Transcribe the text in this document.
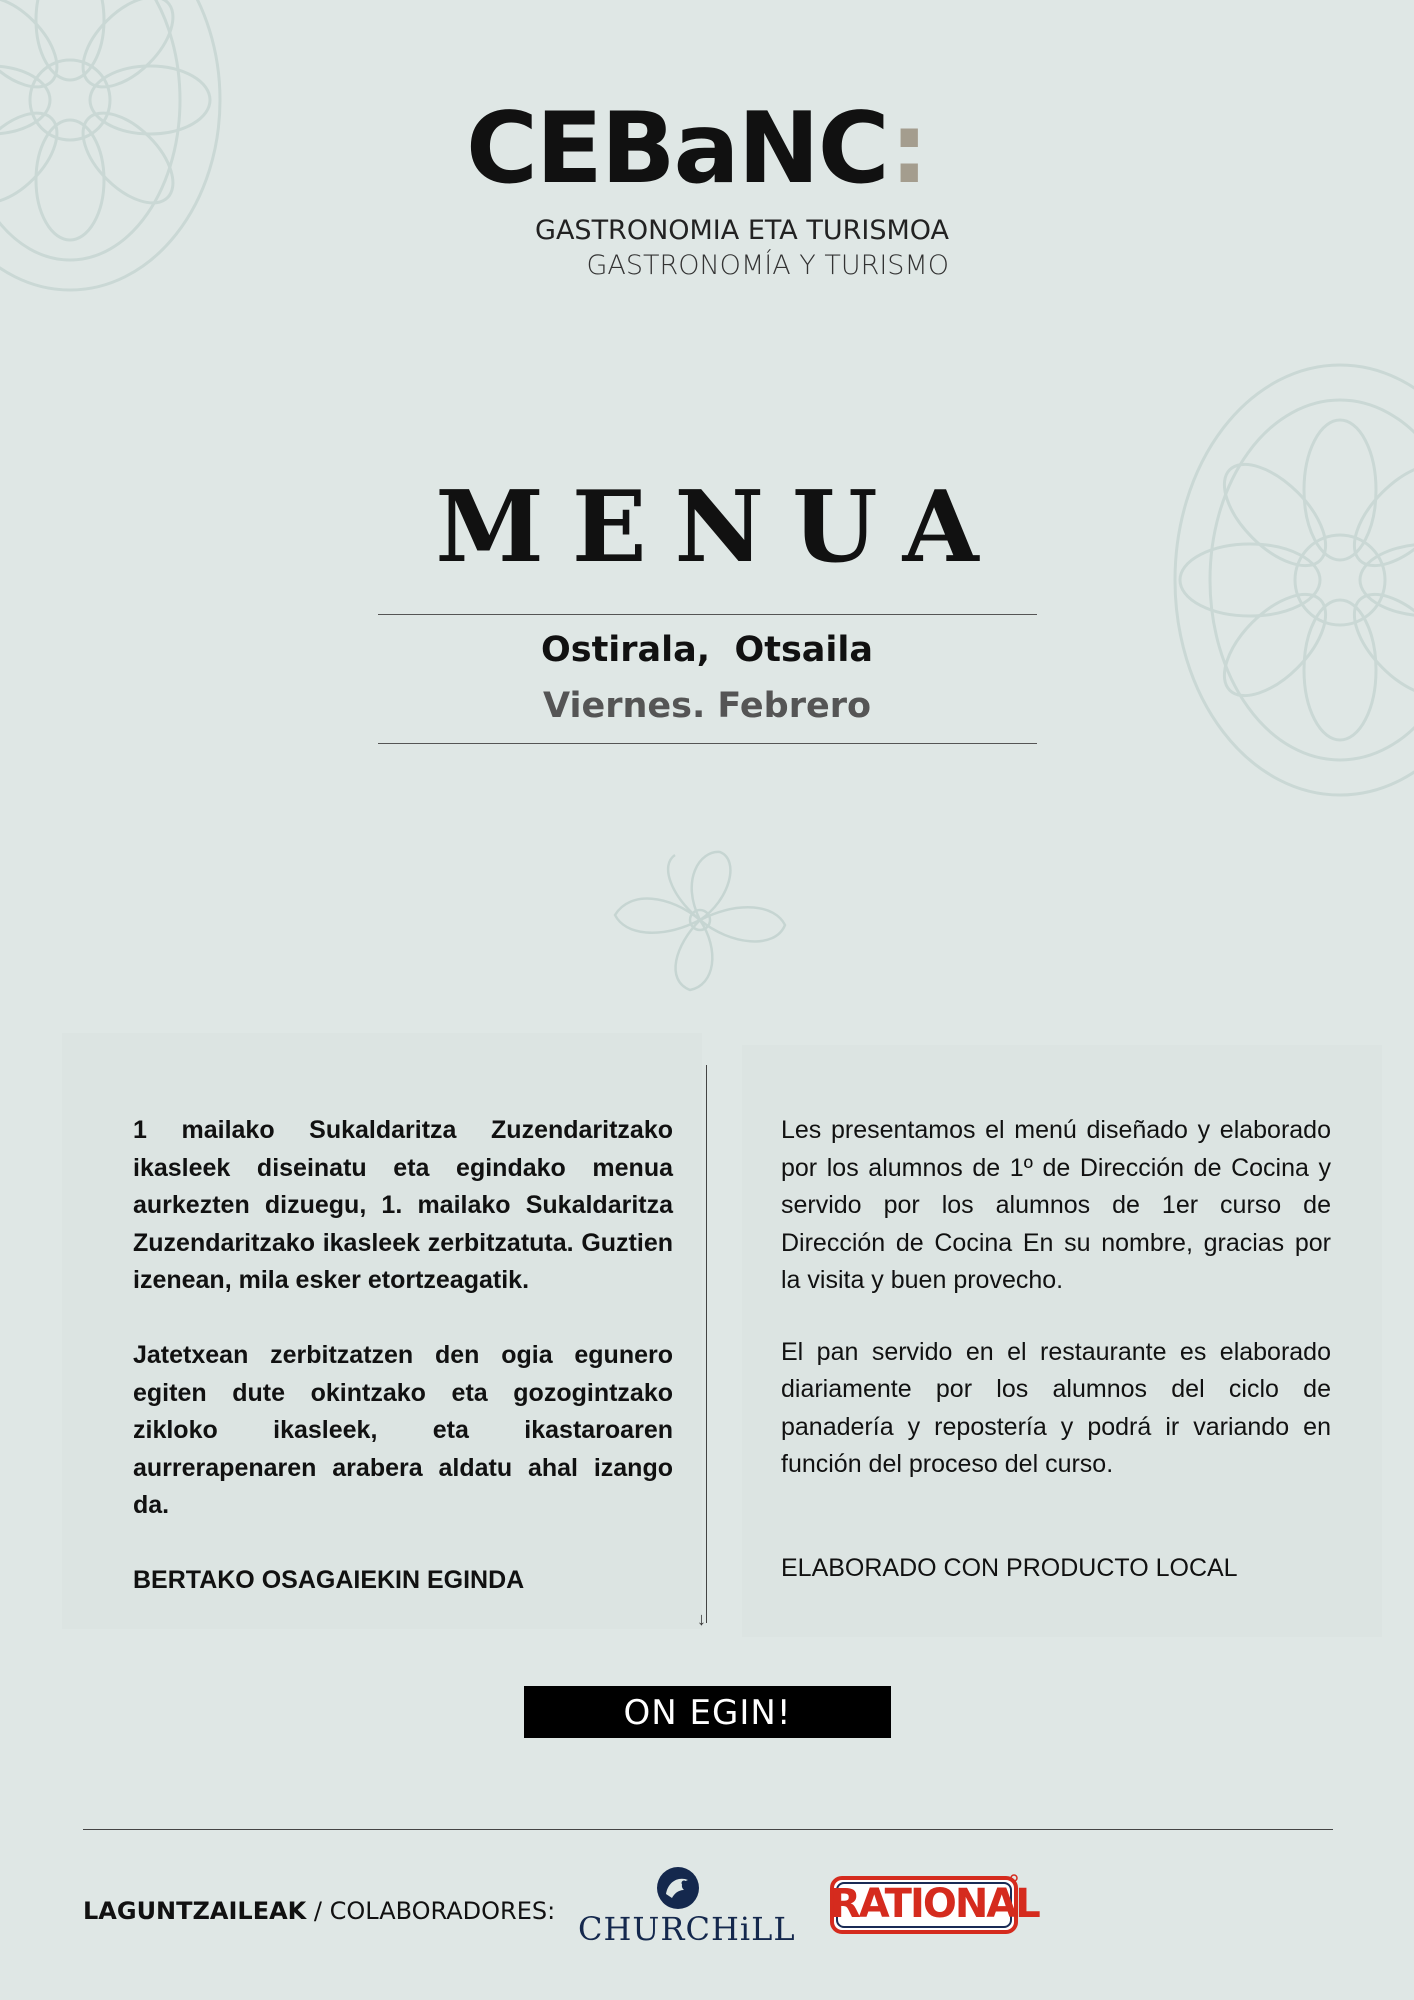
CEBaNC :
GASTRONOMIA ETA TURISMOA
GASTRONOMÍA Y TURISMO
MENUA
Ostirala,  Otsaila
Viernes. Febrero

1 mailako Sukaldaritza Zuzendaritzako ikasleek diseinatu eta egindako menua aurkezten dizuegu, 1. mailako Sukaldaritza Zuzendaritzako ikasleek zerbitzatuta. Guztien izenean, mila esker etortzeagatik.

Jatetxean zerbitzatzen den ogia egunero egiten dute okintzako eta gozogintzako zikloko ikasleek, eta ikastaroaren aurrerapenaren arabera aldatu ahal izango da.

BERTAKO OSAGAIEKIN EGINDA

↓

Les presentamos el menú diseñado y elaborado por los alumnos de 1º de Dirección de Cocina y servido por los alumnos de 1er curso de Dirección de Cocina En su nombre, gracias por la visita y buen provecho.

El pan servido en el restaurante es elaborado diariamente por los alumnos del ciclo de panadería y repostería y podrá ir variando en función del proceso del curso.

ELABORADO CON PRODUCTO LOCAL

ON EGIN!
LAGUNTZAILEAK / COLABORADORES: CHURCHiLL
RATIONAL
